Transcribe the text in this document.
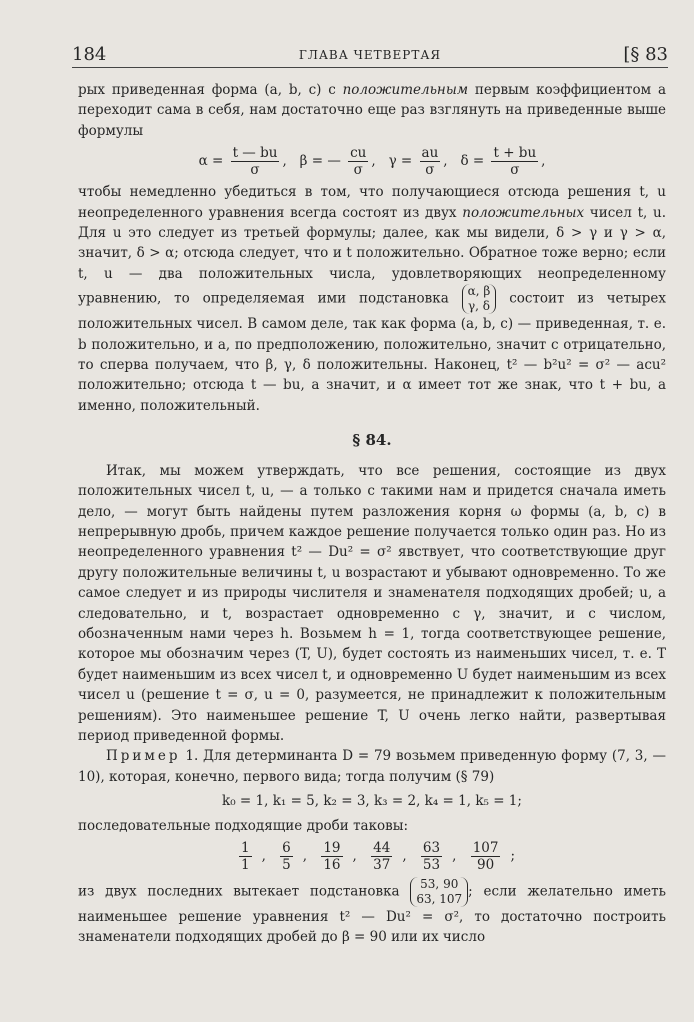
184	ГЛАВА ЧЕТВЕРТАЯ	[§ 83

рых приведенная форма (a, b, c) с положительным первым коэффициентом a переходит сама в себя, нам достаточно еще раз взглянуть на приведенные выше формулы

$\alpha = \frac{t — bu}{\sigma}$ ,   β = — $\frac{cu}{\sigma}$ ,   $\gamma = \frac{au}{\sigma}$ ,   $\delta = \frac{t + bu}{\sigma}$ ,

чтобы немедленно убедиться в том, что получающиеся отсюда решения t, u неопределенного уравнения всегда состоят из двух положительных чисел t, u. Для u это следует из третьей формулы; далее, как мы видели, δ > γ и γ > α, значит, δ > α; отсюда следует, что и t положительно. Обратное тоже верно; если t, u — два положительных числа, удовлетворяющих неопределенному уравнению, то определяемая ими подстановка α, β
γ, δ состоит из четырех положительных чисел. В самом деле, так как форма (a, b, c) — приведенная, т. е. b положительно, и a, по предположению, положительно, значит c отрицательно, то сперва получаем, что β, γ, δ положительны. Наконец, t² — b²u² = σ² — acu² положительно; отсюда t — bu, а значит, и α имеет тот же знак, что t + bu, а именно, положительный.

§ 84.

Итак, мы можем утверждать, что все решения, состоящие из двух положительных чисел t, u, — а только с такими нам и придется сначала иметь дело, — могут быть найдены путем разложения корня ω формы (a, b, c) в непрерывную дробь, причем каждое решение получается только один раз. Но из неопределенного уравнения t² — Du² = σ² явствует, что соответствующие друг другу положительные величины t, u возрастают и убывают одновременно. То же самое следует и из природы числителя и знаменателя подходящих дробей; u, а следовательно, и t, возрастает одновременно с γ, значит, и с числом, обозначенным нами через h. Возьмем h = 1, тогда соответствующее решение, которое мы обозначим через (T, U), будет состоять из наименьших чисел, т. е. T будет наименьшим из всех чисел t, и одновременно U будет наименьшим из всех чисел u (решение t = σ, u = 0, разумеется, не принадлежит к положительным решениям). Это наименьшее решение T, U очень легко найти, развертывая период приведенной формы.

Пример 1. Для детерминанта D = 79 возьмем приведенную форму (7, 3, — 10), которая, конечно, первого вида; тогда получим (§ 79)

k₀ = 1, k₁ = 5, k₂ = 3, k₃ = 2, k₄ = 1, k₅ = 1;

последовательные подходящие дроби таковы:

$\frac{1}{1}$ , $\frac{6}{5}$ , $\frac{19}{16}$ , $\frac{44}{37}$ , $\frac{63}{53}$ , $\frac{107}{90}$ ;

из двух последних вытекает подстановка 53, 90
63, 107 ; если желательно иметь наименьшее решение уравнения t² — Du² = σ², то достаточно построить знаменатели подходящих дробей до β = 90 или их число
